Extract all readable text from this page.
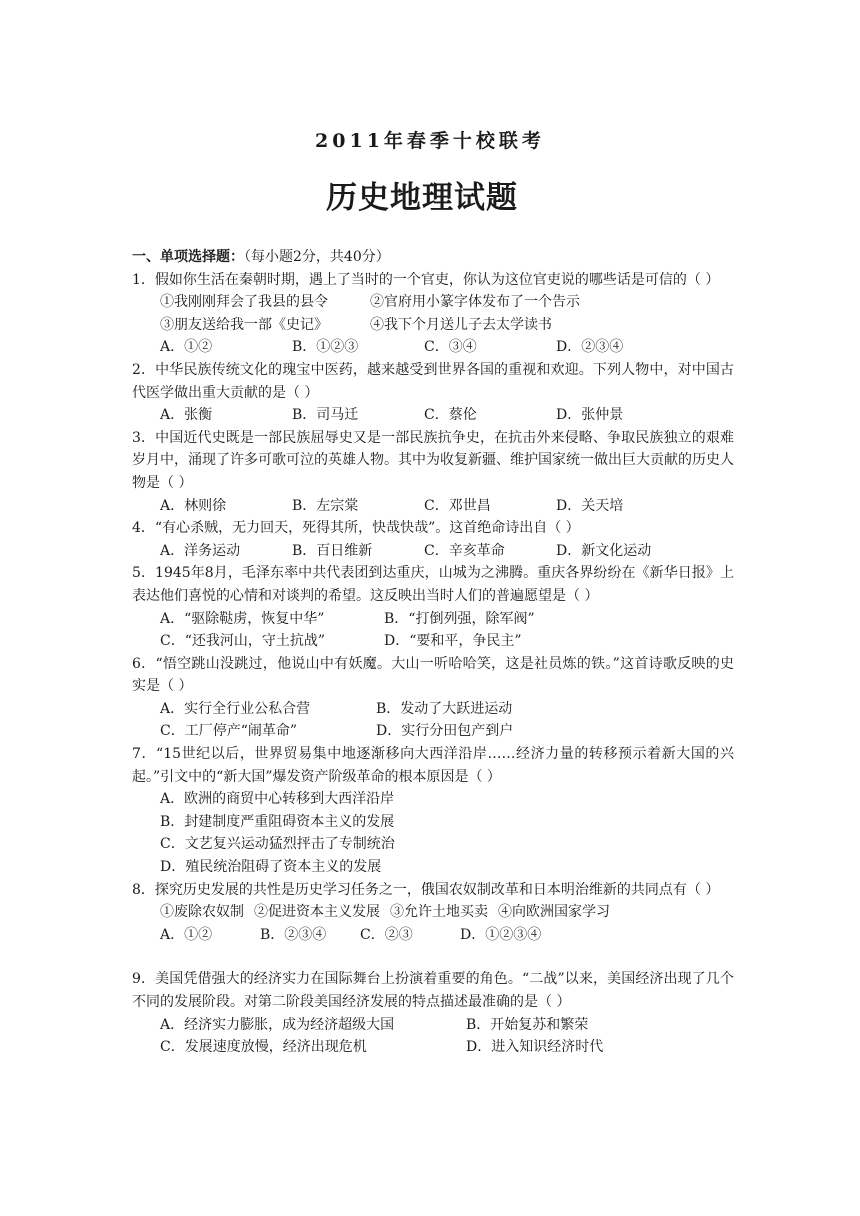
2011年春季十校联考
历史地理试题

一、单项选择题：（每小题2分，共40分）

1．假如你生活在秦朝时期，遇上了当时的一个官吏，你认为这位官吏说的哪些话是可信的（ ）

①我刚刚拜会了我县的县令	②官府用小篆字体发布了一个告示

③朋友送给我一部《史记》	④我下个月送儿子去太学读书

A．①②	B．①②③	C．③④	D．②③④

2．中华民族传统文化的瑰宝中医药，越来越受到世界各国的重视和欢迎。下列人物中，对中国古代医学做出重大贡献的是（ ）

A．张衡	B．司马迁	C．蔡伦	D．张仲景

3．中国近代史既是一部民族屈辱史又是一部民族抗争史，在抗击外来侵略、争取民族独立的艰难岁月中，涌现了许多可歌可泣的英雄人物。其中为收复新疆、维护国家统一做出巨大贡献的历史人物是（ ）

A．林则徐	B．左宗棠	C．邓世昌	D．关天培

4．“有心杀贼，无力回天，死得其所，快哉快哉”。这首绝命诗出自（ ）

A．洋务运动	B．百日维新	C．辛亥革命	D．新文化运动

5．1945年8月，毛泽东率中共代表团到达重庆，山城为之沸腾。重庆各界纷纷在《新华日报》上表达他们喜悦的心情和对谈判的希望。这反映出当时人们的普遍愿望是（ ）

A．“驱除鞑虏，恢复中华”	B．“打倒列强，除军阀”

C．“还我河山，守土抗战”	D．“要和平，争民主”

6．“悟空跳山没跳过，他说山中有妖魔。大山一听哈哈笑，这是社员炼的铁。”这首诗歌反映的史实是（ ）

A．实行全行业公私合营	B．发动了大跃进运动

C．工厂停产“闹革命”	D．实行分田包产到户

7．“15世纪以后，世界贸易集中地逐渐移向大西洋沿岸……经济力量的转移预示着新大国的兴起。”引文中的“新大国”爆发资产阶级革命的根本原因是（ ）

A．欧洲的商贸中心转移到大西洋沿岸

B．封建制度严重阻碍资本主义的发展

C．文艺复兴运动猛烈抨击了专制统治

D．殖民统治阻碍了资本主义的发展

8．探究历史发展的共性是历史学习任务之一，俄国农奴制改革和日本明治维新的共同点有（ ）

①废除农奴制 ②促进资本主义发展 ③允许土地买卖 ④向欧洲国家学习

A．①②	B．②③④ C．②③	D．①②③④

9．美国凭借强大的经济实力在国际舞台上扮演着重要的角色。“二战”以来，美国经济出现了几个不同的发展阶段。对第二阶段美国经济发展的特点描述最准确的是（ ）

A．经济实力膨胀，成为经济超级大国	B．开始复苏和繁荣

C．发展速度放慢，经济出现危机	D．进入知识经济时代
